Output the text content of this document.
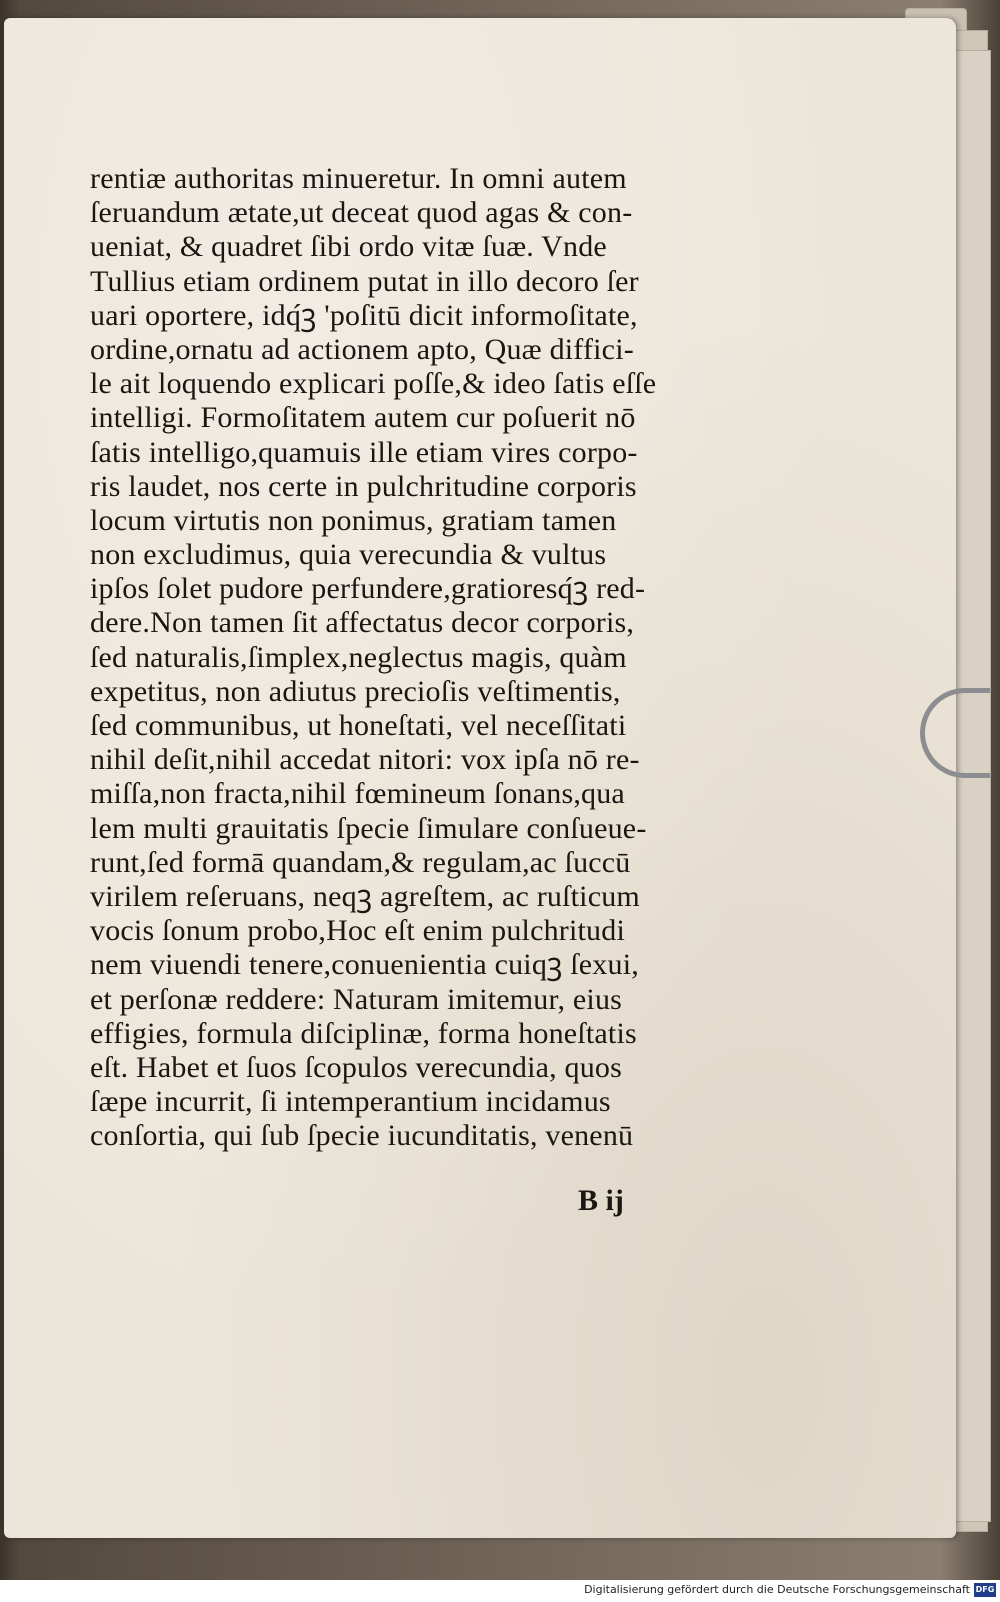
rentiæ authoritas minueretur. In omni autem
ſeruandum ætate,ut deceat quod agas & con-
ueniat, & quadret ſibi ordo vitæ ſuæ. Vnde
Tullius etiam ordinem putat in illo decoro ſer
uari oportere, idq́ꝫ 'poſitū dicit informoſitate,
ordine,ornatu ad actionem apto, Quæ diffici-
le ait loquendo explicari poſſe,& ideo ſatis eſſe
intelligi. Formoſitatem autem cur poſuerit nō
ſatis intelligo,quamuis ille etiam vires corpo-
ris laudet, nos certe in pulchritudine corporis
locum virtutis non ponimus, gratiam tamen
non excludimus, quia verecundia & vultus
ipſos ſolet pudore perfundere,gratioresq́ꝫ red-
dere.Non tamen ſit affectatus decor corporis,
ſed naturalis,ſimplex,neglectus magis, quàm
expetitus, non adiutus precioſis veſtimentis,
ſed communibus, ut honeſtati, vel neceſſitati
nihil deſit,nihil accedat nitori: vox ipſa nō re-
miſſa,non fracta,nihil fœmineum ſonans,qua
lem multi grauitatis ſpecie ſimulare conſueue-
runt,ſed formā quandam,& regulam,ac ſuccū
virilem reſeruans, neqꝫ agreſtem, ac ruſticum
vocis ſonum probo,Hoc eſt enim pulchritudi
nem viuendi tenere,conuenientia cuiqꝫ ſexui,
et perſonæ reddere: Naturam imitemur, eius
effigies, formula diſciplinæ, forma honeſtatis
eſt. Habet et ſuos ſcopulos verecundia, quos
ſæpe incurrit, ſi intemperantium incidamus
conſortia, qui ſub ſpecie iucunditatis, venenū
B ij
Digitalisierung gefördert durch die Deutsche Forschungsgemeinschaft DFG
